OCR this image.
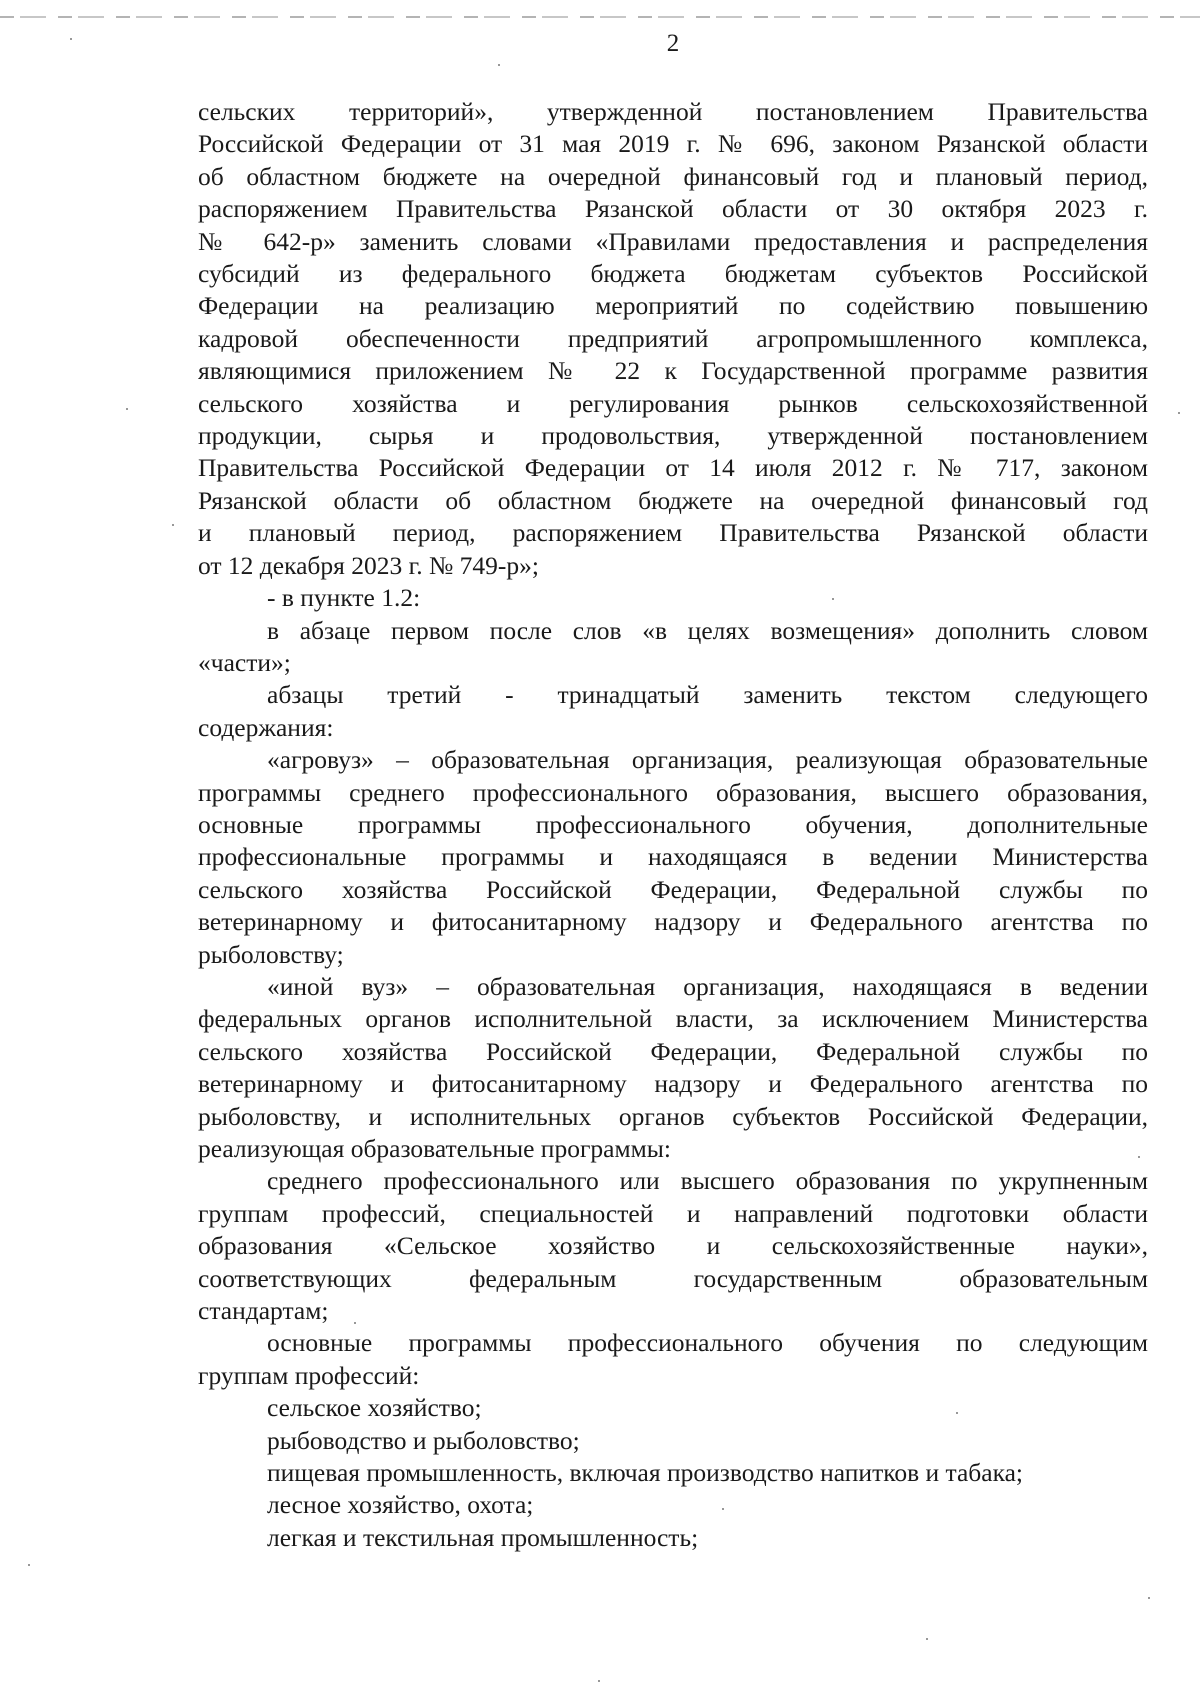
2

сельских территорий», утвержденной постановлением Правительства
Российской Федерации от 31 мая 2019 г. № 696, законом Рязанской области
об областном бюджете на очередной финансовый год и плановый период,
распоряжением Правительства Рязанской области от 30 октября 2023 г.
№ 642-р» заменить словами «Правилами предоставления и распределения
субсидий из федерального бюджета бюджетам субъектов Российской
Федерации на реализацию мероприятий по содействию повышению
кадровой обеспеченности предприятий агропромышленного комплекса,
являющимися приложением № 22 к Государственной программе развития
сельского хозяйства и регулирования рынков сельскохозяйственной
продукции, сырья и продовольствия, утвержденной постановлением
Правительства Российской Федерации от 14 июля 2012 г. № 717, законом
Рязанской области об областном бюджете на очередной финансовый год
и плановый период, распоряжением Правительства Рязанской области
от 12 декабря 2023 г. № 749-р»;

- в пункте 1.2:

в абзаце первом после слов «в целях возмещения» дополнить словом
«части»;

абзацы третий - тринадцатый заменить текстом следующего
содержания:

«агровуз» – образовательная организация, реализующая образовательные
программы среднего профессионального образования, высшего образования,
основные программы профессионального обучения, дополнительные
профессиональные программы и находящаяся в ведении Министерства
сельского хозяйства Российской Федерации, Федеральной службы по
ветеринарному и фитосанитарному надзору и Федерального агентства по
рыболовству;

«иной вуз» – образовательная организация, находящаяся в ведении
федеральных органов исполнительной власти, за исключением Министерства
сельского хозяйства Российской Федерации, Федеральной службы по
ветеринарному и фитосанитарному надзору и Федерального агентства по
рыболовству, и исполнительных органов субъектов Российской Федерации,
реализующая образовательные программы:

среднего профессионального или высшего образования по укрупненным
группам профессий, специальностей и направлений подготовки области
образования «Сельское хозяйство и сельскохозяйственные науки»,
соответствующих федеральным государственным образовательным
стандартам;

основные программы профессионального обучения по следующим
группам профессий:

сельское хозяйство;

рыбоводство и рыболовство;

пищевая промышленность, включая производство напитков и табака;

лесное хозяйство, охота;

легкая и текстильная промышленность;
